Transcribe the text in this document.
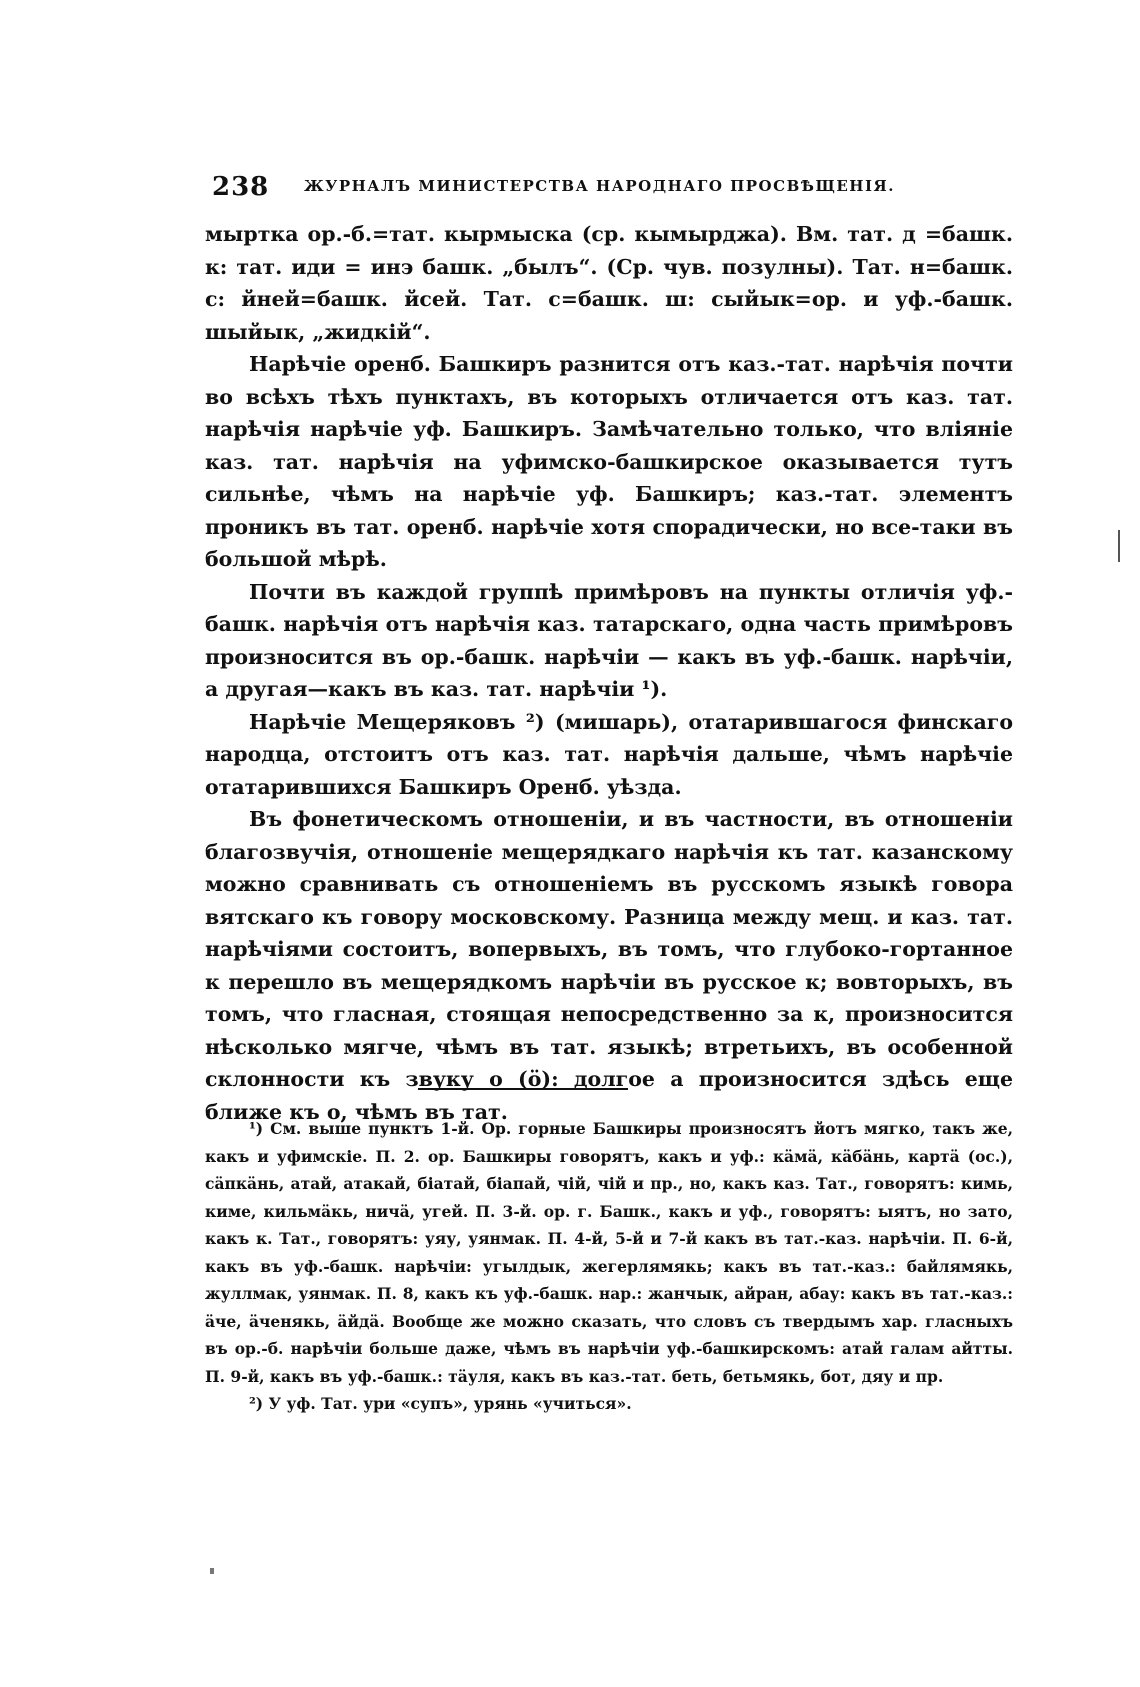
238 ЖУРНАЛЪ МИНИСТЕРСТВА НАРОДНАГО ПРОСВѢЩЕНІЯ.

мыртка ор.-б.=тат. кырмыска (ср. кымырджа). Вм. тат. д =башк. к: тат. иди = инэ башк. „былъ“. (Ср. чув. позулны). Тат. н=башк. с: йней=башк. йсей. Тат. с=башк. ш: сыйык=ор. и уф.-башк. шыйык, „жидкій“.

Нарѣчіе оренб. Башкиръ разнится отъ каз.-тат. нарѣчія почти во всѣхъ тѣхъ пунктахъ, въ которыхъ отличается отъ каз. тат. нарѣчія нарѣчіе уф. Башкиръ. Замѣчательно только, что вліяніе каз. тат. нарѣчія на уфимско-башкирское оказывается тутъ сильнѣе, чѣмъ на нарѣчіе уф. Башкиръ; каз.-тат. элементъ проникъ въ тат. оренб. нарѣчіе хотя спорадически, но все-таки въ большой мѣрѣ.

Почти въ каждой группѣ примѣровъ на пункты отличія уф.-башк. нарѣчія отъ нарѣчія каз. татарскаго, одна часть примѣровъ произносится въ ор.-башк. нарѣчіи — какъ въ уф.-башк. нарѣчіи, а другая—какъ въ каз. тат. нарѣчіи ¹).

Нарѣчіе Мещеряковъ ²) (мишарь), отатарившагося финскаго народца, отстоитъ отъ каз. тат. нарѣчія дальше, чѣмъ нарѣчіе отатарившихся Башкиръ Оренб. уѣзда.

Въ фонетическомъ отношеніи, и въ частности, въ отношеніи благозвучія, отношеніе мещерядкаго нарѣчія къ тат. казанскому можно сравнивать съ отношеніемъ въ русскомъ языкѣ говора вятскаго къ говору московскому. Разница между мещ. и каз. тат. нарѣчіями состоитъ, вопервыхъ, въ томъ, что глубоко-гортанное к перешло въ мещерядкомъ нарѣчіи въ русское к; вовторыхъ, въ томъ, что гласная, стоящая непосредственно за к, произносится нѣсколько мягче, чѣмъ въ тат. языкѣ; втретьихъ, въ особенной склонности къ звуку о (ö): долгое а произносится здѣсь еще ближе къ о, чѣмъ въ тат.

¹) См. выше пунктъ 1-й. Ор. горные Башкиры произносятъ йотъ мягко, такъ же, какъ и уфимскіе. П. 2. ор. Башкиры говорятъ, какъ и уф.: кӓмӓ, кӓбӓнь, картӓ (ос.), сӓпкӓнь, атай, атакай, біатай, біапай, чій, чій и пр., но, какъ каз. Тат., говорятъ: кимь, киме, кильмӓкь, ничӓ, угей. П. 3-й. ор. г. Башк., какъ и уф., говорятъ: ыятъ, но зато, какъ к. Тат., говорятъ: уяу, уянмак. П. 4-й, 5-й и 7-й какъ въ тат.-каз. нарѣчіи. П. 6-й, какъ въ уф.-башк. нарѣчіи: угылдык, жегерлямякь; какъ въ тат.-каз.: байлямякь, жуллмак, уянмак. П. 8, какъ къ уф.-башк. нар.: жанчык, айран, абау: какъ въ тат.-каз.: ӓче, ӓченякь, ӓйдӓ. Вообще же можно сказать, что словъ съ твердымъ хар. гласныхъ въ ор.-б. нарѣчіи больше даже, чѣмъ въ нарѣчіи уф.-башкирскомъ: атай галам айтты. П. 9-й, какъ въ уф.-башк.: тӓуля, какъ въ каз.-тат. беть, бетьмякь, бот, дяу и пр.

²) У уф. Тат. ури «супъ», урянь «учиться».
